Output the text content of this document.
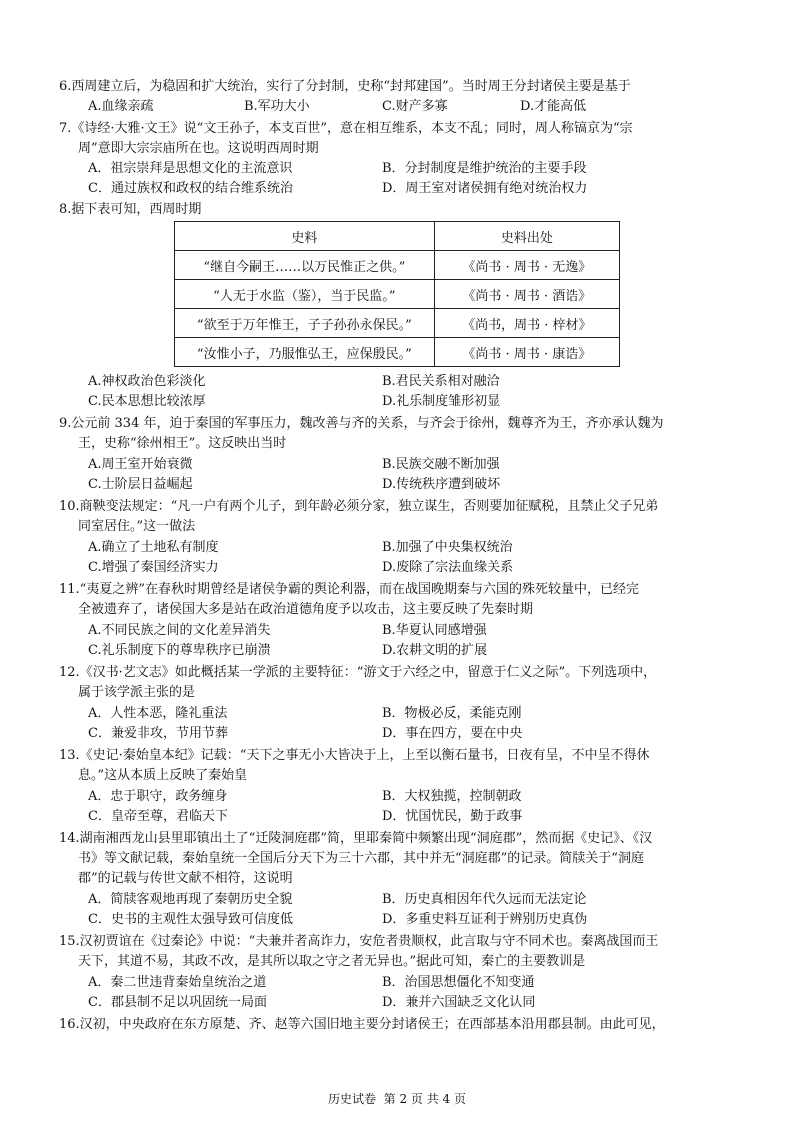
6.西周建立后，为稳固和扩大统治，实行了分封制，史称“封邦建国”。当时周王分封诸侯主要是基于
A.血缘亲疏	B.军功大小	C.财产多寡	D.才能高低
7.《诗经·大雅·文王》说“文王孙子，本支百世”，意在相互维系，本支不乱；同时，周人称镐京为“宗
周”意即大宗宗庙所在也。这说明西周时期
A．祖宗崇拜是思想文化的主流意识	B．分封制度是维护统治的主要手段
C．通过族权和政权的结合维系统治	D．周王室对诸侯拥有绝对统治权力
8.据下表可知，西周时期
史料	史料出处
“继自今嗣王……以万民惟正之供。”	《尚书 · 周书 · 无逸》
“人无于水监（鉴），当于民监。”	《尚书 · 周书 · 酒诰》
“欲至于万年惟王，子子孙孙永保民。”	《尚书，周书 · 梓材》
“汝惟小子，乃服惟弘王，应保殷民。”	《尚书 · 周书 · 康诰》
A.神权政治色彩淡化	B.君民关系相对融洽
C.民本思想比较浓厚	D.礼乐制度雏形初显
9.公元前 334 年，迫于秦国的军事压力，魏改善与齐的关系，与齐会于徐州，魏尊齐为王，齐亦承认魏为
王，史称“徐州相王”。这反映出当时
A.周王室开始衰微	B.民族交融不断加强
C.士阶层日益崛起	D.传统秩序遭到破坏
10.商鞅变法规定：“凡一户有两个儿子，到年龄必须分家，独立谋生，否则要加征赋税，且禁止父子兄弟
同室居住。”这一做法
A.确立了土地私有制度	B.加强了中央集权统治
C.增强了秦国经济实力	D.废除了宗法血缘关系
11.“夷夏之辨”在春秋时期曾经是诸侯争霸的舆论利器，而在战国晚期秦与六国的殊死较量中，已经完
全被遗弃了，诸侯国大多是站在政治道德角度予以攻击，这主要反映了先秦时期
A.不同民族之间的文化差异消失	B.华夏认同感增强
C.礼乐制度下的尊卑秩序已崩溃	D.农耕文明的扩展
12.《汉书·艺文志》如此概括某一学派的主要特征：“游文于六经之中，留意于仁义之际”。下列选项中，
属于该学派主张的是
A．人性本恶，隆礼重法	B．物极必反，柔能克刚
C．兼爱非攻，节用节葬	D．事在四方，要在中央
13.《史记·秦始皇本纪》记载：“天下之事无小大皆决于上，上至以衡石量书，日夜有呈，不中呈不得休
息。”这从本质上反映了秦始皇
A．忠于职守，政务缠身	B．大权独揽，控制朝政
C．皇帝至尊，君临天下	D．忧国忧民，勤于政事
14.湖南湘西龙山县里耶镇出土了“迁陵洞庭郡”简，里耶秦简中频繁出现“洞庭郡”，然而据《史记》、《汉
书》等文献记载，秦始皇统一全国后分天下为三十六郡，其中并无“洞庭郡”的记录。简牍关于“洞庭
郡”的记载与传世文献不相符，这说明
A．简牍客观地再现了秦朝历史全貌	B．历史真相因年代久远而无法定论
C．史书的主观性太强导致可信度低	D．多重史料互证利于辨别历史真伪
15.汉初贾谊在《过秦论》中说：“夫兼并者高诈力，安危者贵顺权，此言取与守不同术也。秦离战国而王
天下，其道不易，其政不改，是其所以取之守之者无异也。”据此可知，秦亡的主要教训是
A．秦二世违背秦始皇统治之道	B．治国思想僵化不知变通
C．郡县制不足以巩固统一局面	D．兼并六国缺乏文化认同
16.汉初，中央政府在东方原楚、齐、赵等六国旧地主要分封诸侯王；在西部基本沿用郡县制。由此可见，
历史试卷  第 2 页 共 4 页
